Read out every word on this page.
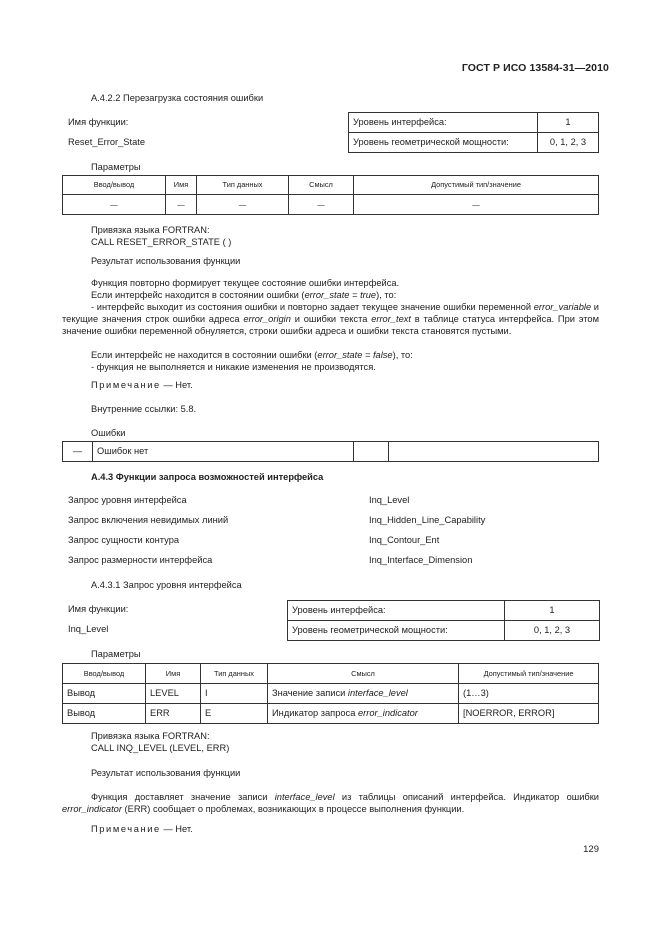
ГОСТ Р ИСО 13584-31—2010
А.4.2.2 Перезагрузка состояния ошибки
Имя функции:
Reset_Error_State
Уровень интерфейса:	1
Уровень геометрической мощности:	0, 1, 2, 3
Параметры
Ввод/вывод	Имя	Тип данных	Смысл	Допустимый тип/значение
—	—	—	—	—
Привязка языка FORTRAN:
CALL RESET_ERROR_STATE ( )
Результат использования функции
Функция повторно формирует текущее состояние ошибки интерфейса.
Если интерфейс находится в состоянии ошибки (error_state = true), то:
- интерфейс выходит из состояния ошибки и повторно задает текущее значение ошибки переменной error_variable и текущие значения строк ошибки адреса error_origin и ошибки текста error_text в таблице статуса интерфейса. При этом значение ошибки переменной обнуляется, строки ошибки адреса и ошибки текста становятся пустыми.
Если интерфейс не находится в состоянии ошибки (error_state = false), то:
- функция не выполняется и никакие изменения не производятся.
Примечание — Нет.
Внутренние ссылки: 5.8.
Ошибки
—	Ошибок нет		
А.4.3 Функции запроса возможностей интерфейса
Запрос уровня интерфейса	Inq_Level
Запрос включения невидимых линий	Inq_Hidden_Line_Capability
Запрос сущности контура	Inq_Contour_Ent
Запрос размерности интерфейса	Inq_Interface_Dimension
А.4.3.1 Запрос уровня интерфейса
Имя функции:
Inq_Level
Уровень интерфейса:	1
Уровень геометрической мощности:	0, 1, 2, 3
Параметры
Ввод/вывод	Имя	Тип данных	Смысл	Допустимый тип/значение
Вывод	LEVEL	I	Значение записи interface_level	(1…3)
Вывод	ERR	E	Индикатор запроса error_indicator	[NOERROR, ERROR]
Привязка языка FORTRAN:
CALL INQ_LEVEL (LEVEL, ERR)
Результат использования функции
Функция доставляет значение записи interface_level из таблицы описаний интерфейса. Индикатор ошибки error_indicator (ERR) сообщает о проблемах, возникающих в процессе выполнения функции.
Примечание — Нет.
129
